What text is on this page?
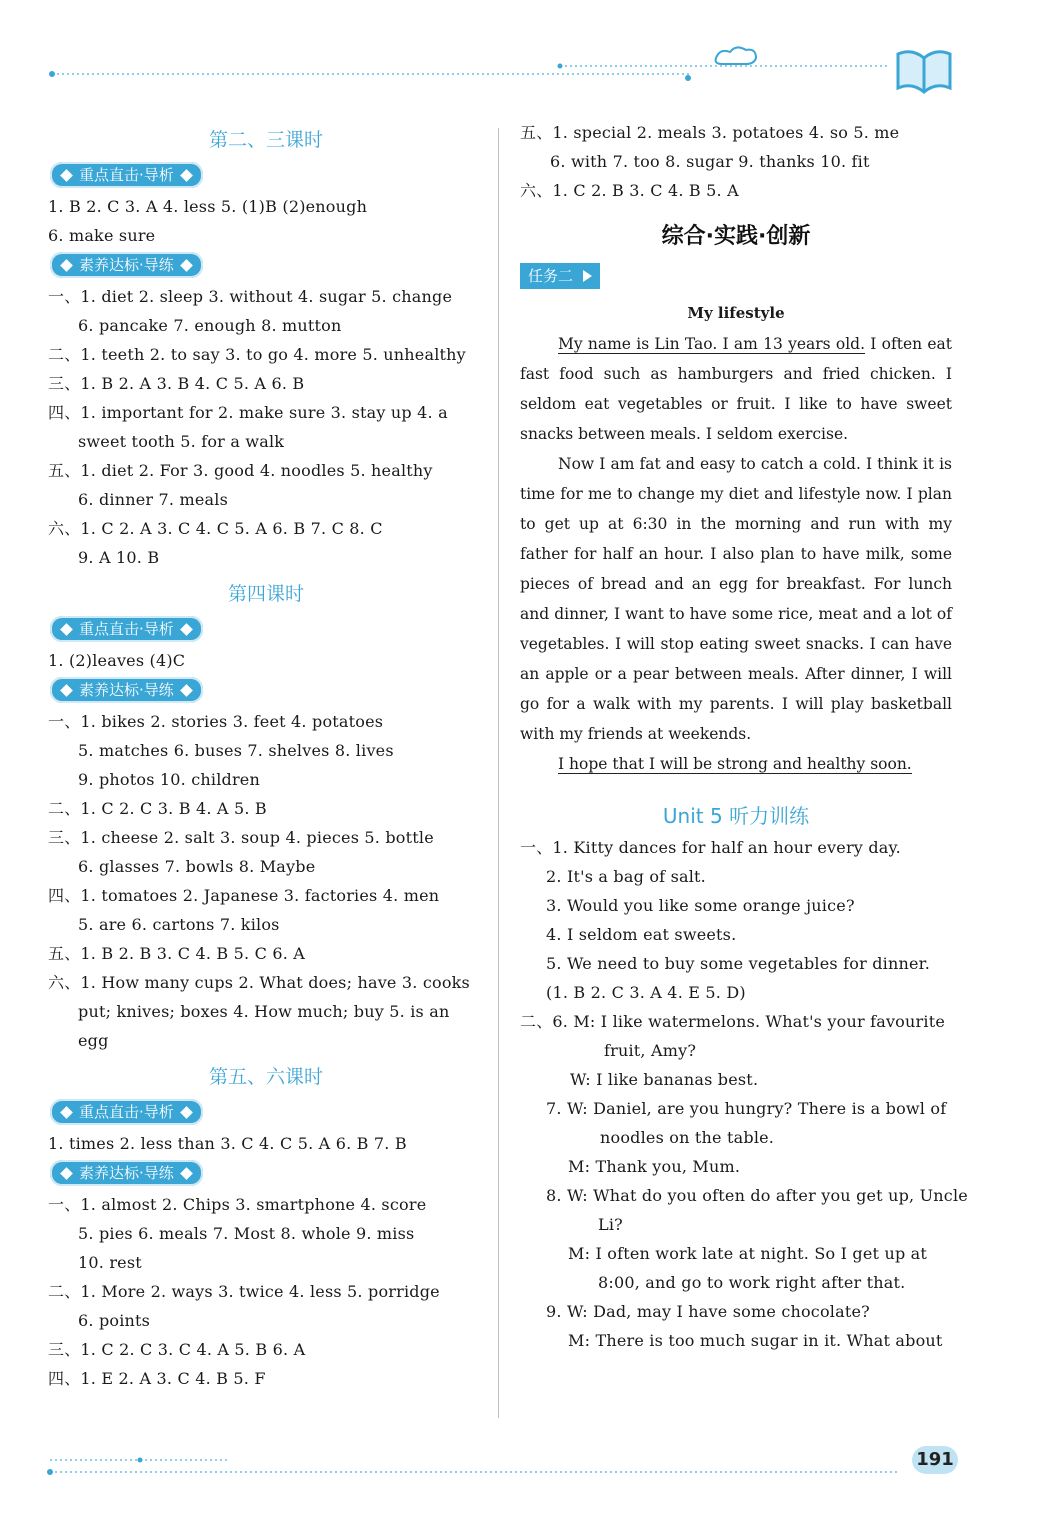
第二、三课时
重点直击·导析
1. B 2. C 3. A 4. less 5. (1)B (2)enough
6. make sure
素养达标·导练
一、1. diet 2. sleep 3. without 4. sugar 5. change
6. pancake 7. enough 8. mutton
二、1. teeth 2. to say 3. to go 4. more 5. unhealthy
三、1. B 2. A 3. B 4. C 5. A 6. B
四、1. important for 2. make sure 3. stay up 4. a
sweet tooth 5. for a walk
五、1. diet 2. For 3. good 4. noodles 5. healthy
6. dinner 7. meals
六、1. C 2. A 3. C 4. C 5. A 6. B 7. C 8. C
9. A 10. B
第四课时
重点直击·导析
1. (2)leaves (4)C
素养达标·导练
一、1. bikes 2. stories 3. feet 4. potatoes
5. matches 6. buses 7. shelves 8. lives
9. photos 10. children
二、1. C 2. C 3. B 4. A 5. B
三、1. cheese 2. salt 3. soup 4. pieces 5. bottle
6. glasses 7. bowls 8. Maybe
四、1. tomatoes 2. Japanese 3. factories 4. men
5. are 6. cartons 7. kilos
五、1. B 2. B 3. C 4. B 5. C 6. A
六、1. How many cups 2. What does; have 3. cooks
put; knives; boxes 4. How much; buy 5. is an
egg
第五、六课时
重点直击·导析
1. times 2. less than 3. C 4. C 5. A 6. B 7. B
素养达标·导练
一、1. almost 2. Chips 3. smartphone 4. score
5. pies 6. meals 7. Most 8. whole 9. miss
10. rest
二、1. More 2. ways 3. twice 4. less 5. porridge
6. points
三、1. C 2. C 3. C 4. A 5. B 6. A
四、1. E 2. A 3. C 4. B 5. F
五、1. special 2. meals 3. potatoes 4. so 5. me
6. with 7. too 8. sugar 9. thanks 10. fit
六、1. C 2. B 3. C 4. B 5. A
综合·实践·创新
任务二
My lifestyle

My name is Lin Tao. I am 13 years old. I often eat fast food such as hamburgers and fried chicken. I seldom eat vegetables or fruit. I like to have sweet snacks between meals. I seldom exercise.

Now I am fat and easy to catch a cold. I think it is time for me to change my diet and lifestyle now. I plan to get up at 6:30 in the morning and run with my father for half an hour. I also plan to have milk, some pieces of bread and an egg for breakfast. For lunch and dinner, I want to have some rice, meat and a lot of vegetables. I will stop eating sweet snacks. I can have an apple or a pear between meals. After dinner, I will go for a walk with my parents. I will play basketball with my friends at weekends.

I hope that I will be strong and healthy soon.

Unit 5 听力训练
一、1. Kitty dances for half an hour every day.
2. It's a bag of salt.
3. Would you like some orange juice?
4. I seldom eat sweets.
5. We need to buy some vegetables for dinner.
(1. B 2. C 3. A 4. E 5. D)
二、6. M: I like watermelons. What's your favourite
fruit, Amy?
W: I like bananas best.
7. W: Daniel, are you hungry? There is a bowl of
noodles on the table.
M: Thank you, Mum.
8. W: What do you often do after you get up, Uncle
Li?
M: I often work late at night. So I get up at
8:00, and go to work right after that.
9. W: Dad, may I have some chocolate?
M: There is too much sugar in it. What about
191
